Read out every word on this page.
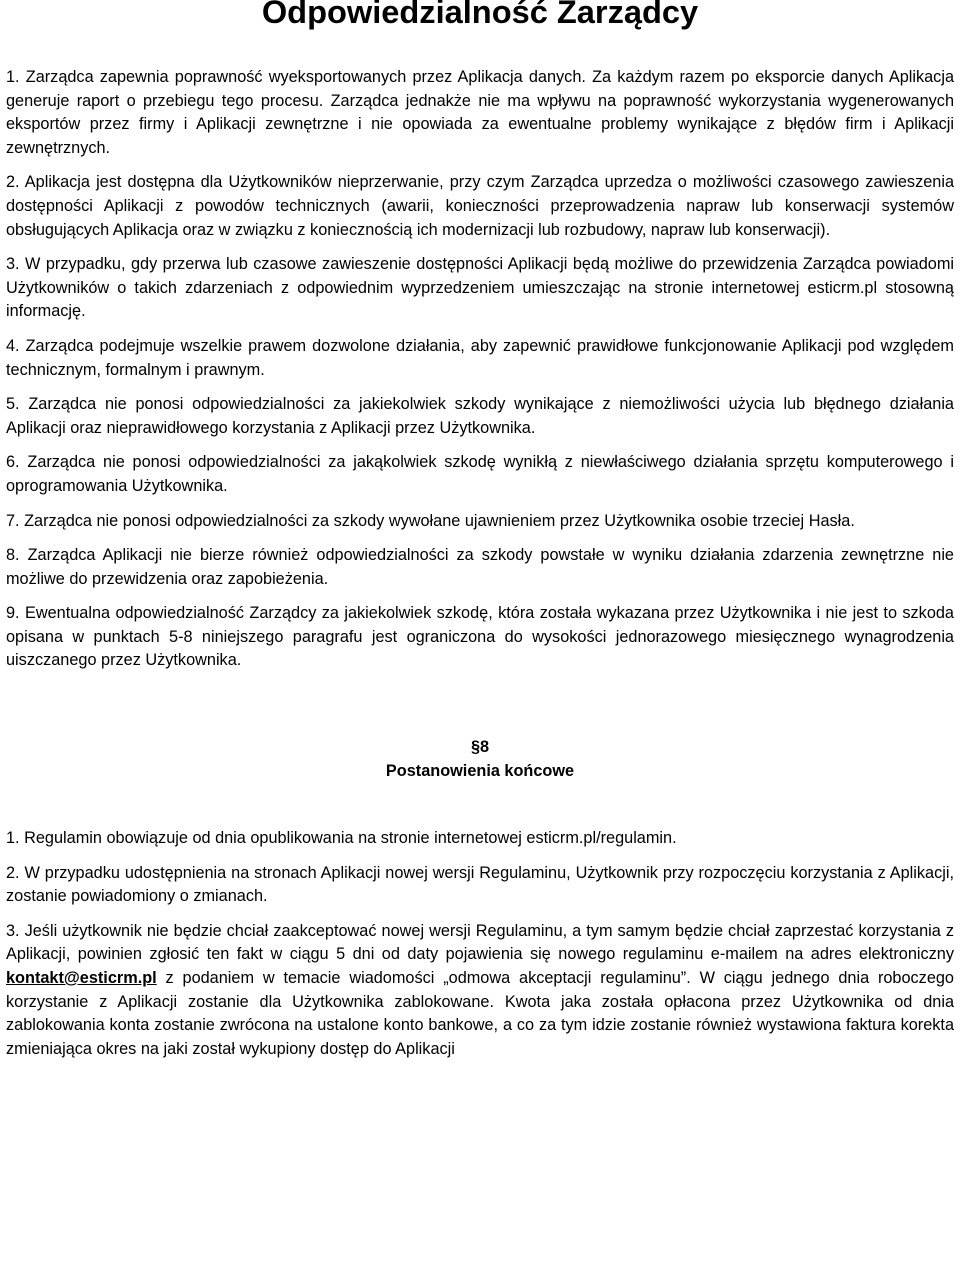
Odpowiedzialność Zarządcy

1. Zarządca zapewnia poprawność wyeksportowanych przez Aplikacja danych. Za każdym razem po eksporcie danych Aplikacja generuje raport o przebiegu tego procesu. Zarządca jednakże nie ma wpływu na poprawność wykorzystania wygenerowanych eksportów przez firmy i Aplikacji zewnętrzne i nie opowiada za ewentualne problemy wynikające z błędów firm i Aplikacji zewnętrznych.

2. Aplikacja jest dostępna dla Użytkowników nieprzerwanie, przy czym Zarządca uprzedza o możliwości czasowego zawieszenia dostępności Aplikacji z powodów technicznych (awarii, konieczności przeprowadzenia napraw lub konserwacji systemów obsługujących Aplikacja oraz w związku z koniecznością ich modernizacji lub rozbudowy, napraw lub konserwacji).

3. W przypadku, gdy przerwa lub czasowe zawieszenie dostępności Aplikacji będą możliwe do przewidzenia Zarządca powiadomi Użytkowników o takich zdarzeniach z odpowiednim wyprzedzeniem umieszczając na stronie internetowej esticrm.pl stosowną informację.

4. Zarządca podejmuje wszelkie prawem dozwolone działania, aby zapewnić prawidłowe funkcjonowanie Aplikacji pod względem technicznym, formalnym i prawnym.

5. Zarządca nie ponosi odpowiedzialności za jakiekolwiek szkody wynikające z niemożliwości użycia lub błędnego działania Aplikacji oraz nieprawidłowego korzystania z Aplikacji przez Użytkownika.

6. Zarządca nie ponosi odpowiedzialności za jakąkolwiek szkodę wynikłą z niewłaściwego działania sprzętu komputerowego i oprogramowania Użytkownika.

7. Zarządca nie ponosi odpowiedzialności za szkody wywołane ujawnieniem przez Użytkownika osobie trzeciej Hasła.

8. Zarządca Aplikacji nie bierze również odpowiedzialności za szkody powstałe w wyniku działania zdarzenia zewnętrzne nie możliwe do przewidzenia oraz zapobieżenia.

9. Ewentualna odpowiedzialność Zarządcy za jakiekolwiek szkodę, która została wykazana przez Użytkownika i nie jest to szkoda opisana w punktach 5-8 niniejszego paragrafu jest ograniczona do wysokości jednorazowego miesięcznego wynagrodzenia uiszczanego przez Użytkownika.

§8
Postanowienia końcowe

1. Regulamin obowiązuje od dnia opublikowania na stronie internetowej esticrm.pl/regulamin.

2. W przypadku udostępnienia na stronach Aplikacji nowej wersji Regulaminu, Użytkownik przy rozpoczęciu korzystania z Aplikacji, zostanie powiadomiony o zmianach.

3. Jeśli użytkownik nie będzie chciał zaakceptować nowej wersji Regulaminu, a tym samym będzie chciał zaprzestać korzystania z Aplikacji, powinien zgłosić ten fakt w ciągu 5 dni od daty pojawienia się nowego regulaminu e-mailem na adres elektroniczny kontakt@esticrm.pl z podaniem w temacie wiadomości „odmowa akceptacji regulaminu”. W ciągu jednego dnia roboczego korzystanie z Aplikacji zostanie dla Użytkownika zablokowane. Kwota jaka została opłacona przez Użytkownika od dnia zablokowania konta zostanie zwrócona na ustalone konto bankowe, a co za tym idzie zostanie również wystawiona faktura korekta zmieniająca okres na jaki został wykupiony dostęp do Aplikacji
